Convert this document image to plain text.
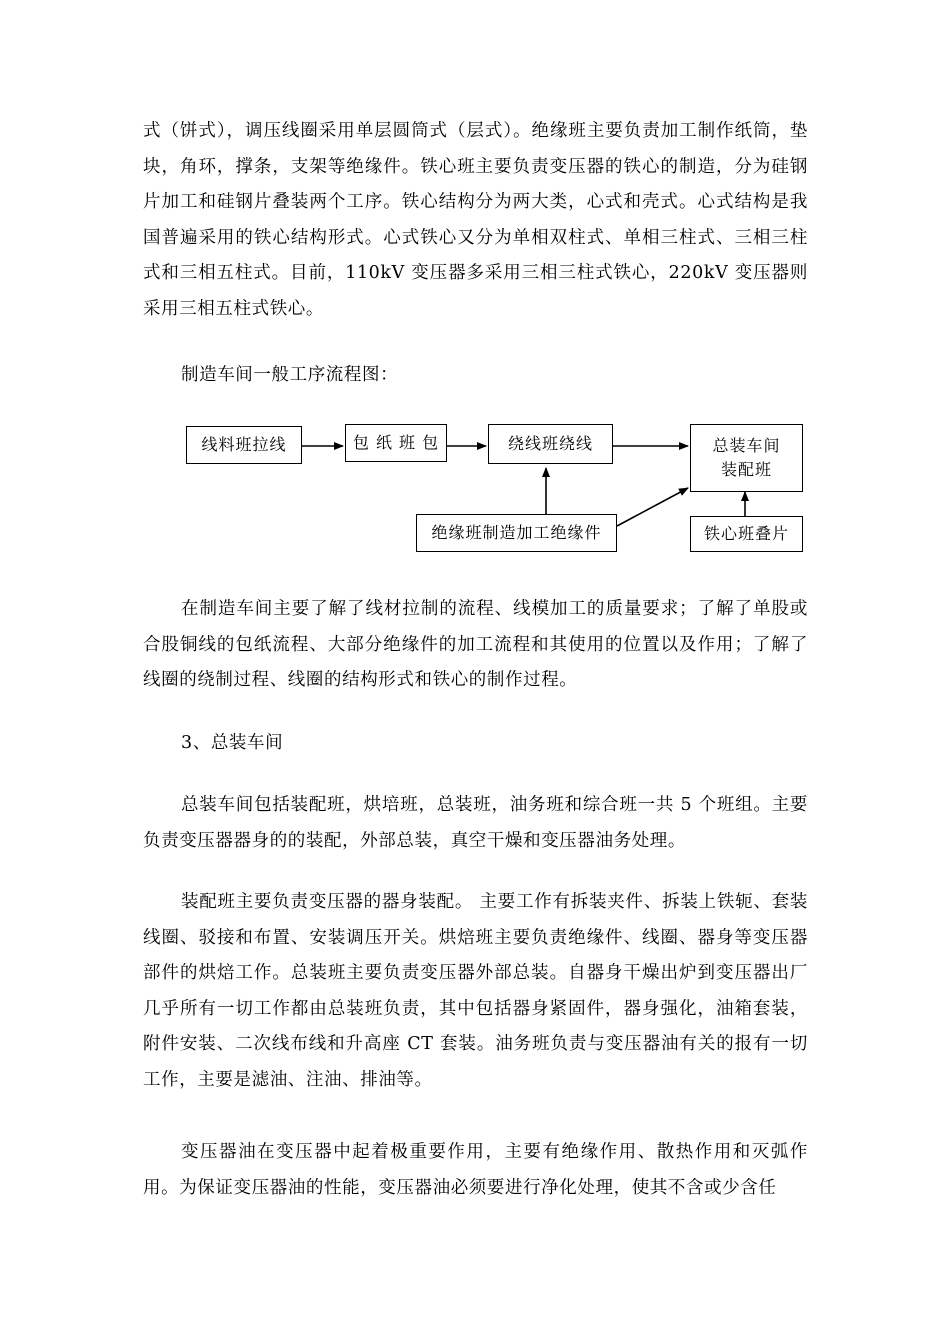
式（饼式），调压线圈采用单层圆筒式（层式）。绝缘班主要负责加工制作纸筒，垫块，角环，撑条，支架等绝缘件。铁心班主要负责变压器的铁心的制造，分为硅钢片加工和硅钢片叠装两个工序。铁心结构分为两大类，心式和壳式。心式结构是我国普遍采用的铁心结构形式。心式铁心又分为单相双柱式、单相三柱式、三相三柱式和三相五柱式。目前，110kV 变压器多采用三相三柱式铁心，220kV 变压器则采用三相五柱式铁心。

制造车间一般工序流程图：

线料班拉线	包 纸 班 包	绕线班绕线	总装车间
装配班
绝缘班制造加工绝缘件	铁心班叠片

在制造车间主要了解了线材拉制的流程、线模加工的质量要求；了解了单股或合股铜线的包纸流程、大部分绝缘件的加工流程和其使用的位置以及作用；了解了线圈的绕制过程、线圈的结构形式和铁心的制作过程。

3、总装车间

总装车间包括装配班，烘培班，总装班，油务班和综合班一共 5 个班组。主要负责变压器器身的的装配，外部总装，真空干燥和变压器油务处理。

装配班主要负责变压器的器身装配。 主要工作有拆装夹件、拆装上铁轭、套装线圈、驳接和布置、安装调压开关。烘焙班主要负责绝缘件、线圈、器身等变压器部件的烘焙工作。总装班主要负责变压器外部总装。自器身干燥出炉到变压器出厂几乎所有一切工作都由总装班负责，其中包括器身紧固件，器身强化，油箱套装，附件安装、二次线布线和升高座 CT 套装。油务班负责与变压器油有关的报有一切工作，主要是滤油、注油、排油等。

变压器油在变压器中起着极重要作用，主要有绝缘作用、散热作用和灭弧作用。为保证变压器油的性能，变压器油必须要进行净化处理，使其不含或少含任
